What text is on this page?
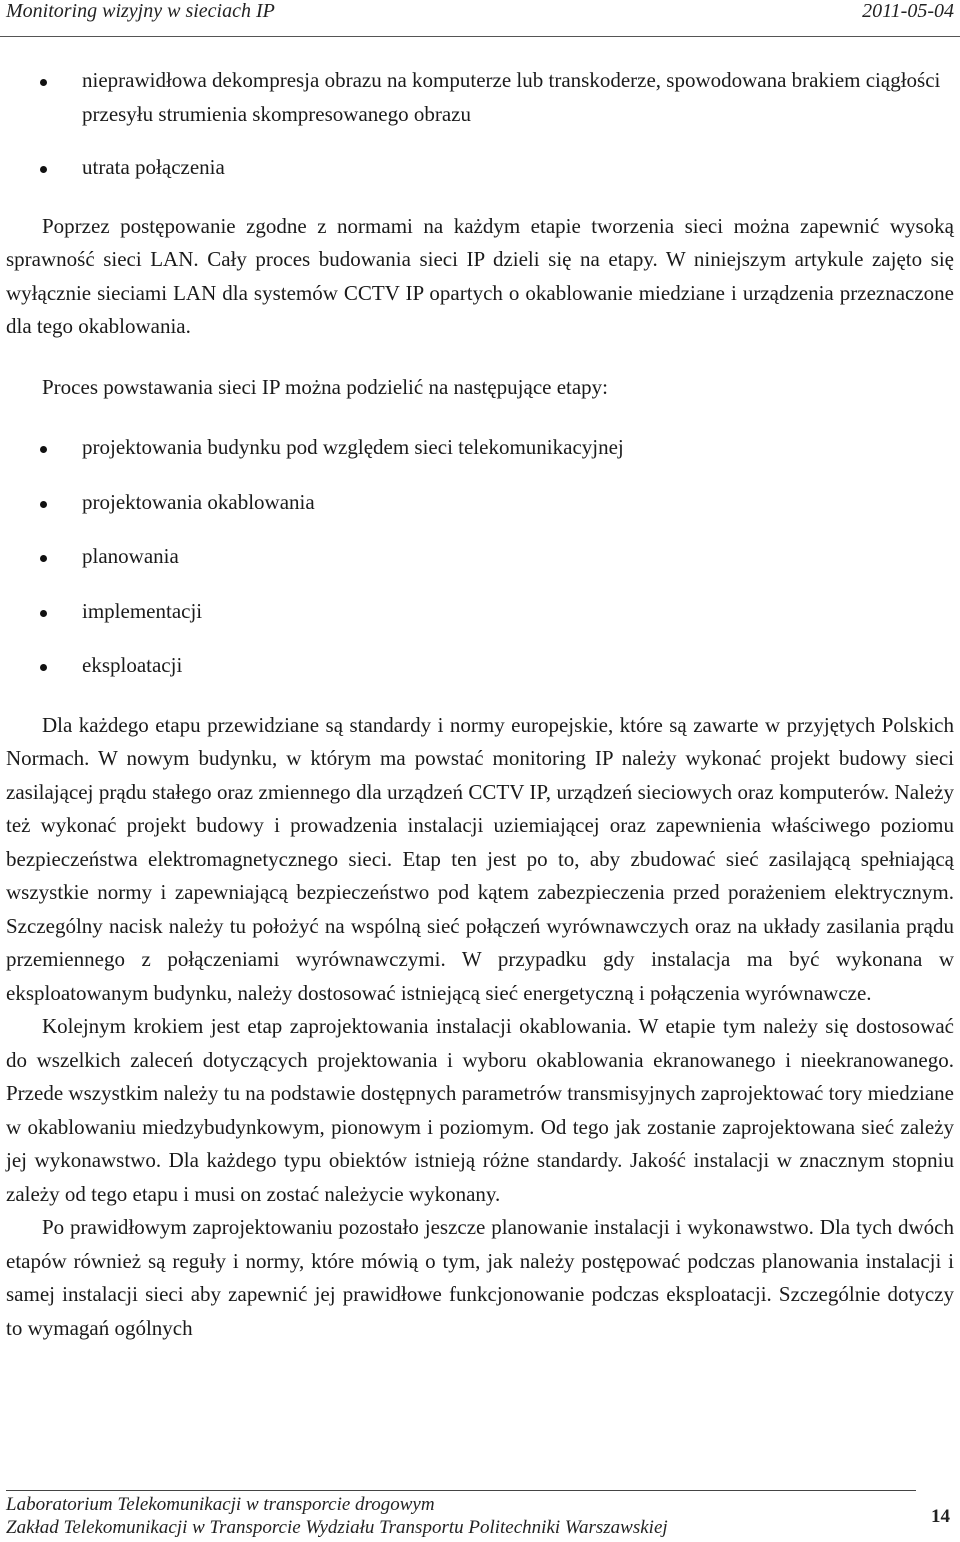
Monitoring wizyjny w sieciach IP	2011-05-04
nieprawidłowa dekompresja obrazu na komputerze lub transkoderze, spowodowana brakiem ciągłości przesyłu strumienia skompresowanego obrazu
utrata połączenia

Poprzez postępowanie zgodne z normami na każdym etapie tworzenia sieci można zapewnić wysoką sprawność sieci LAN. Cały proces budowania sieci IP dzieli się na etapy. W niniejszym artykule zajęto się wyłącznie sieciami LAN dla systemów CCTV IP opartych o okablowanie miedziane i urządzenia przeznaczone dla tego okablowania.

Proces powstawania sieci IP można podzielić na następujące etapy:

projektowania budynku pod względem sieci telekomunikacyjnej
projektowania okablowania
planowania
implementacji
eksploatacji

Dla każdego etapu przewidziane są standardy i normy europejskie, które są zawarte w przyjętych Polskich Normach. W nowym budynku, w którym ma powstać monitoring IP należy wykonać projekt budowy sieci zasilającej prądu stałego oraz zmiennego dla urządzeń CCTV IP, urządzeń sieciowych oraz komputerów. Należy też wykonać projekt budowy i prowadzenia instalacji uziemiającej oraz zapewnienia właściwego poziomu bezpieczeństwa elektromagnetycznego sieci. Etap ten jest po to, aby zbudować sieć zasilającą spełniającą wszystkie normy i zapewniającą bezpieczeństwo pod kątem zabezpieczenia przed porażeniem elektrycznym. Szczególny nacisk należy tu położyć na wspólną sieć połączeń wyrównawczych oraz na układy zasilania prądu przemiennego z połączeniami wyrównawczymi. W przypadku gdy instalacja ma być wykonana w eksploatowanym budynku, należy dostosować istniejącą sieć energetyczną i połączenia wyrównawcze.

Kolejnym krokiem jest etap zaprojektowania instalacji okablowania. W etapie tym należy się dostosować do wszelkich zaleceń dotyczących projektowania i wyboru okablowania ekranowanego i nieekranowanego. Przede wszystkim należy tu na podstawie dostępnych parametrów transmisyjnych zaprojektować tory miedziane w okablowaniu miedzybudynkowym, pionowym i poziomym. Od tego jak zostanie zaprojektowana sieć zależy jej wykonawstwo. Dla każdego typu obiektów istnieją różne standardy. Jakość instalacji w znacznym stopniu zależy od tego etapu i musi on zostać należycie wykonany.

Po prawidłowym zaprojektowaniu pozostało jeszcze planowanie instalacji i wykonawstwo. Dla tych dwóch etapów również są reguły i normy, które mówią o tym, jak należy postępować podczas planowania instalacji i samej instalacji sieci aby zapewnić jej prawidłowe funkcjonowanie podczas eksploatacji. Szczególnie dotyczy to wymagań ogólnych

Laboratorium Telekomunikacji w transporcie drogowym
Zakład Telekomunikacji w Transporcie Wydziału Transportu Politechniki Warszawskiej
14
